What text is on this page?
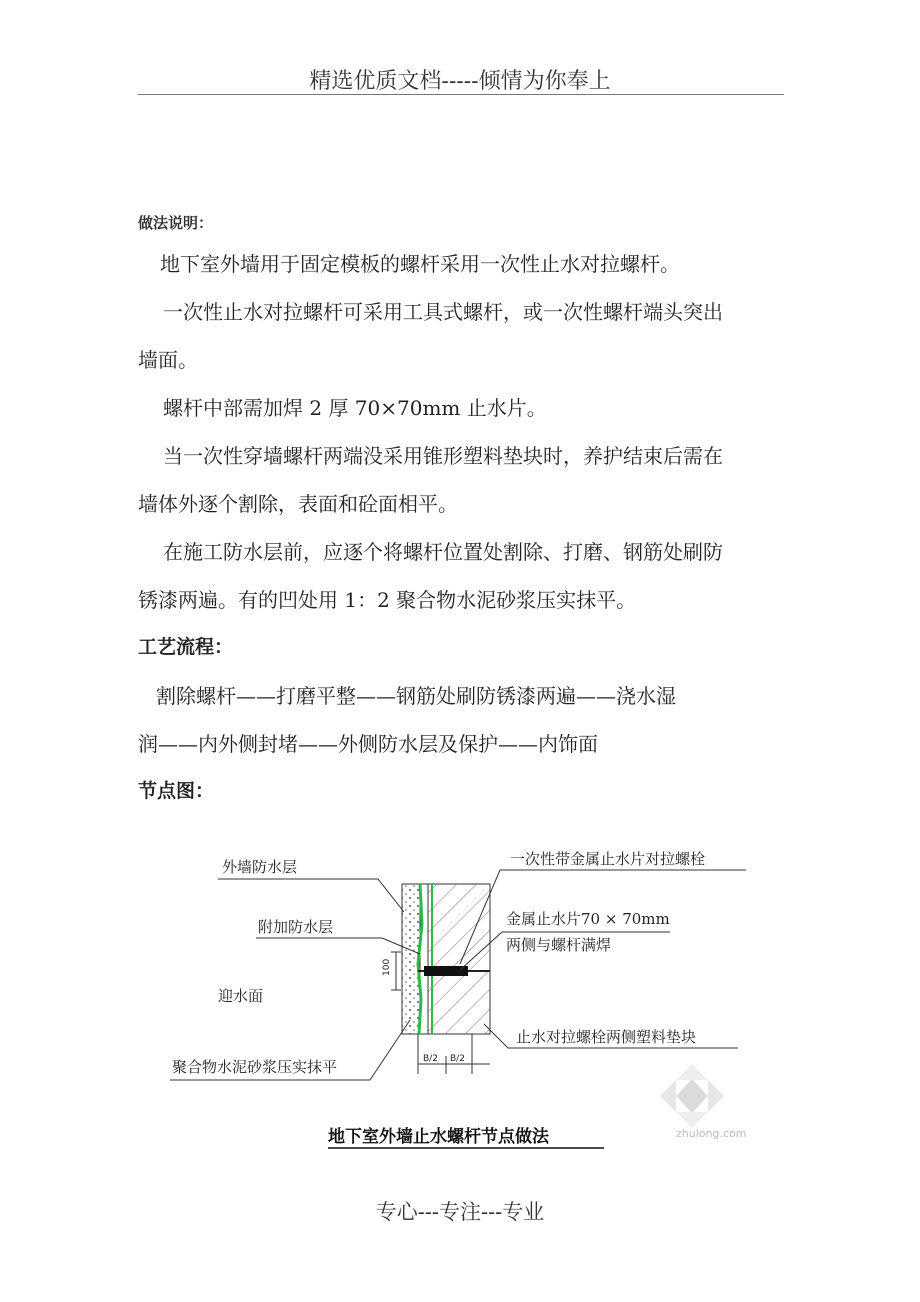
精选优质文档-----倾情为你奉上
做法说明：
地下室外墙用于固定模板的螺杆采用一次性止水对拉螺杆。
一次性止水对拉螺杆可采用工具式螺杆，或一次性螺杆端头突出
墙面。
螺杆中部需加焊 2 厚 70×70mm 止水片。
当一次性穿墙螺杆两端没采用锥形塑料垫块时，养护结束后需在
墙体外逐个割除，表面和砼面相平。
在施工防水层前，应逐个将螺杆位置处割除、打磨、钢筋处刷防
锈漆两遍。有的凹处用 1：2 聚合物水泥砂浆压实抹平。
工艺流程：
割除螺杆——打磨平整——钢筋处刷防锈漆两遍——浇水湿
润——内外侧封堵——外侧防水层及保护——内饰面
节点图：
100
B/2 B/2
外墙防水层
附加防水层
迎水面
聚合物水泥砂浆压实抹平
一次性带金属止水片对拉螺栓
金属止水片70 × 70mm
两侧与螺杆满焊
止水对拉螺栓两侧塑料垫块
zhulong.com
地下室外墙止水螺杆节点做法
专心---专注---专业
